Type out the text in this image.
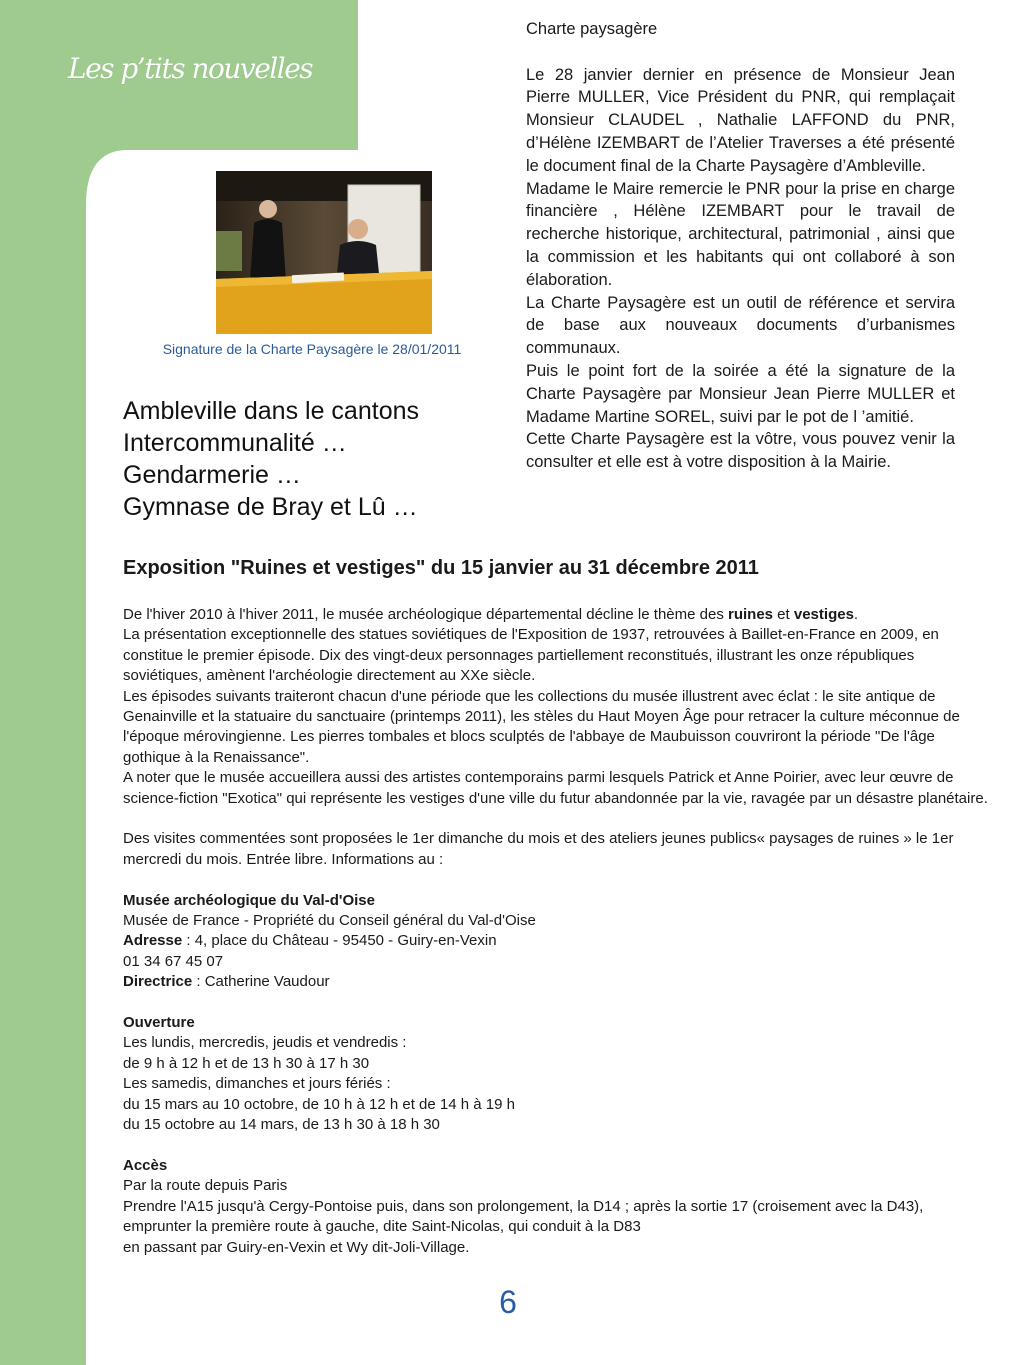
Les p’tits nouvelles
Signature de la Charte Paysagère le 28/01/2011
Ambleville dans le cantons
Intercommunalité …
Gendarmerie …
Gymnase de Bray et Lû …
Charte paysagère

Le 28 janvier dernier en présence de Monsieur Jean Pierre MULLER, Vice Président du PNR, qui remplaçait Monsieur CLAUDEL , Nathalie LAFFOND du PNR, d’Hélène IZEMBART de l’Atelier Traverses a été présenté le document final de la Charte Paysagère d’Ambleville.

Madame le Maire remercie le PNR pour la prise en charge financière , Hélène IZEMBART pour le travail de recherche historique, architectural, patrimonial , ainsi que la commission et les habitants qui ont collaboré à son élaboration.

La Charte Paysagère est un outil de référence et servira de base aux nouveaux documents d’urbanismes communaux.

Puis le point fort de la soirée a été la signature de la Charte Paysagère par Monsieur Jean Pierre MULLER et Madame Martine SOREL, suivi par le pot de l ’amitié.

Cette Charte Paysagère est la vôtre, vous pouvez venir la consulter et elle est à votre disposition à la Mairie.

Exposition "Ruines et vestiges" du 15 janvier au 31 décembre 2011

De l'hiver 2010 à l'hiver 2011, le musée archéologique départemental décline le thème des ruines et vestiges.

La présentation exceptionnelle des statues soviétiques de l'Exposition de 1937, retrouvées à Baillet-en-France en 2009, en constitue le premier épisode. Dix des vingt-deux personnages partiellement reconstitués, illustrant les onze républiques soviétiques, amènent l'archéologie directement au XXe siècle.

Les épisodes suivants traiteront chacun d'une période que les collections du musée illustrent avec éclat : le site antique de Genainville et la statuaire du sanctuaire (printemps 2011), les stèles du Haut Moyen Âge pour retracer la culture méconnue de l'époque mérovingienne. Les pierres tombales et blocs sculptés de l'abbaye de Maubuisson couvriront la période "De l'âge gothique à la Renaissance".

A noter que le musée accueillera aussi des artistes contemporains parmi lesquels Patrick et Anne Poirier, avec leur œuvre de science-fiction "Exotica" qui représente les vestiges d'une ville du futur abandonnée par la vie, ravagée par un désastre planétaire.

Des visites commentées sont proposées le 1er dimanche du mois et des ateliers jeunes publics« paysages de ruines » le 1er mercredi du mois. Entrée libre. Informations au :

Musée archéologique du Val-d'Oise

Musée de France - Propriété du Conseil général du Val-d'Oise

Adresse : 4, place du Château - 95450 - Guiry-en-Vexin

01 34 67 45 07

Directrice : Catherine Vaudour

Ouverture

Les lundis, mercredis, jeudis et vendredis :

de 9 h à 12 h et de 13 h 30 à 17 h 30

Les samedis, dimanches et jours fériés :

du 15 mars au 10 octobre, de 10 h à 12 h et de 14 h à 19 h

du 15 octobre au 14 mars, de 13 h 30 à 18 h 30

Accès

Par la route depuis Paris

Prendre l'A15 jusqu'à Cergy-Pontoise puis, dans son prolongement, la D14 ; après la sortie 17 (croisement avec la D43), emprunter la première route à gauche, dite Saint-Nicolas, qui conduit à la D83

en passant par Guiry-en-Vexin et Wy dit-Joli-Village.

6
